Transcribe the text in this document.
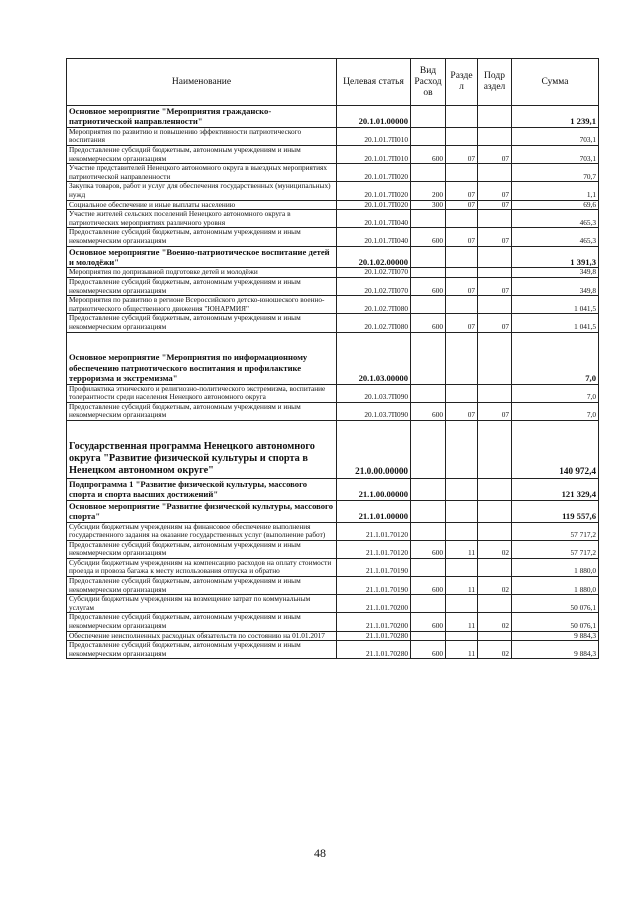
Наименование	Целевая статья	Вид Расход ов	Разде л	Подр аздел	Сумма
Основное мероприятие "Мероприятия гражданско-патриотической направленности"	20.1.01.00000				1 239,1
Мероприятия по развитию и повышению эффективности патриотического воспитания	20.1.01.7П010				703,1
Предоставление субсидий бюджетным, автономным учреждениям и иным некоммерческим организациям	20.1.01.7П010	600	07	07	703,1
Участие представителей Ненецкого автономного округа в выездных мероприятиях патриотической направленности	20.1.01.7П020				70,7
Закупка товаров, работ и услуг для обеспечения государственных (муниципальных) нужд	20.1.01.7П020	200	07	07	1,1
Социальное обеспечение и иные выплаты населению	20.1.01.7П020	300	07	07	69,6
Участие жителей сельских поселений Ненецкого автономного округа в патриотических мероприятиях различного уровня	20.1.01.7П040				465,3
Предоставление субсидий бюджетным, автономным учреждениям и иным некоммерческим организациям	20.1.01.7П040	600	07	07	465,3
Основное мероприятие "Военно-патриотическое воспитание детей и молодёжи"	20.1.02.00000				1 391,3
Мероприятия по допризывной подготовке детей и молодёжи	20.1.02.7П070				349,8
Предоставление субсидий бюджетным, автономным учреждениям и иным некоммерческим организациям	20.1.02.7П070	600	07	07	349,8
Мероприятия по развитию в регионе Всероссийского детско-юношеского военно-патриотического общественного движения "ЮНАРМИЯ"	20.1.02.7П080				1 041,5
Предоставление субсидий бюджетным, автономным учреждениям и иным некоммерческим организациям	20.1.02.7П080	600	07	07	1 041,5
Основное мероприятие "Мероприятия по информационному обеспечению патриотического воспитания и профилактике терроризма и экстремизма"	20.1.03.00000				7,0
Профилактика этнического и религиозно-политического экстремизма, воспитание толерантности среди населения Ненецкого автономного округа	20.1.03.7П090				7,0
Предоставление субсидий бюджетным, автономным учреждениям и иным некоммерческим организациям	20.1.03.7П090	600	07	07	7,0
Государственная программа Ненецкого автономного округа "Развитие физической культуры и спорта в Ненецком автономном округе"	21.0.00.00000				140 972,4
Подпрограмма 1 "Развитие физической культуры, массового спорта и спорта высших достижений"	21.1.00.00000				121 329,4
Основное мероприятие "Развитие физической культуры, массового спорта"	21.1.01.00000				119 557,6
Субсидии бюджетным учреждениям на финансовое обеспечение выполнения государственного задания на оказание государственных услуг (выполнение работ)	21.1.01.70120				57 717,2
Предоставление субсидий бюджетным, автономным учреждениям и иным некоммерческим организациям	21.1.01.70120	600	11	02	57 717,2
Субсидии бюджетным учреждениям на компенсацию расходов на оплату стоимости проезда и провоза багажа к месту использования отпуска и обратно	21.1.01.70190				1 880,0
Предоставление субсидий бюджетным, автономным учреждениям и иным некоммерческим организациям	21.1.01.70190	600	11	02	1 880,0
Субсидии бюджетным учреждениям на возмещение затрат по коммунальным услугам	21.1.01.70200				50 076,1
Предоставление субсидий бюджетным, автономным учреждениям и иным некоммерческим организациям	21.1.01.70200	600	11	02	50 076,1
Обеспечение неисполненных расходных обязательств по состоянию на 01.01.2017	21.1.01.70280				9 884,3
Предоставление субсидий бюджетным, автономным учреждениям и иным некоммерческим организациям	21.1.01.70280	600	11	02	9 884,3
48
